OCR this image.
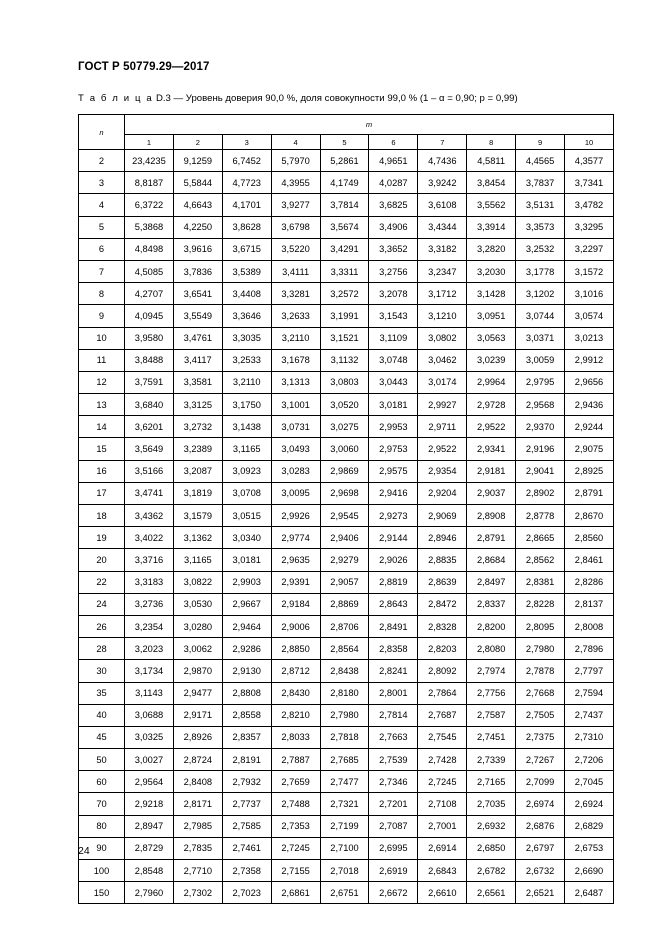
ГОСТ Р 50779.29—2017
Т а б л и ц а D.3 — Уровень доверия 90,0 %, доля совокупности 99,0 % (1 – α = 0,90; p = 0,99)
n	m									
	1	2	3	4	5	6	7	8	9	10
2	23,4235	9,1259	6,7452	5,7970	5,2861	4,9651	4,7436	4,5811	4,4565	4,3577
3	8,8187	5,5844	4,7723	4,3955	4,1749	4,0287	3,9242	3,8454	3,7837	3,7341
4	6,3722	4,6643	4,1701	3,9277	3,7814	3,6825	3,6108	3,5562	3,5131	3,4782
5	5,3868	4,2250	3,8628	3,6798	3,5674	3,4906	3,4344	3,3914	3,3573	3,3295
6	4,8498	3,9616	3,6715	3,5220	3,4291	3,3652	3,3182	3,2820	3,2532	3,2297
7	4,5085	3,7836	3,5389	3,4111	3,3311	3,2756	3,2347	3,2030	3,1778	3,1572
8	4,2707	3,6541	3,4408	3,3281	3,2572	3,2078	3,1712	3,1428	3,1202	3,1016
9	4,0945	3,5549	3,3646	3,2633	3,1991	3,1543	3,1210	3,0951	3,0744	3,0574
10	3,9580	3,4761	3,3035	3,2110	3,1521	3,1109	3,0802	3,0563	3,0371	3,0213
11	3,8488	3,4117	3,2533	3,1678	3,1132	3,0748	3,0462	3,0239	3,0059	2,9912
12	3,7591	3,3581	3,2110	3,1313	3,0803	3,0443	3,0174	2,9964	2,9795	2,9656
13	3,6840	3,3125	3,1750	3,1001	3,0520	3,0181	2,9927	2,9728	2,9568	2,9436
14	3,6201	3,2732	3,1438	3,0731	3,0275	2,9953	2,9711	2,9522	2,9370	2,9244
15	3,5649	3,2389	3,1165	3,0493	3,0060	2,9753	2,9522	2,9341	2,9196	2,9075
16	3,5166	3,2087	3,0923	3,0283	2,9869	2,9575	2,9354	2,9181	2,9041	2,8925
17	3,4741	3,1819	3,0708	3,0095	2,9698	2,9416	2,9204	2,9037	2,8902	2,8791
18	3,4362	3,1579	3,0515	2,9926	2,9545	2,9273	2,9069	2,8908	2,8778	2,8670
19	3,4022	3,1362	3,0340	2,9774	2,9406	2,9144	2,8946	2,8791	2,8665	2,8560
20	3,3716	3,1165	3,0181	2,9635	2,9279	2,9026	2,8835	2,8684	2,8562	2,8461
22	3,3183	3,0822	2,9903	2,9391	2,9057	2,8819	2,8639	2,8497	2,8381	2,8286
24	3,2736	3,0530	2,9667	2,9184	2,8869	2,8643	2,8472	2,8337	2,8228	2,8137
26	3,2354	3,0280	2,9464	2,9006	2,8706	2,8491	2,8328	2,8200	2,8095	2,8008
28	3,2023	3,0062	2,9286	2,8850	2,8564	2,8358	2,8203	2,8080	2,7980	2,7896
30	3,1734	2,9870	2,9130	2,8712	2,8438	2,8241	2,8092	2,7974	2,7878	2,7797
35	3,1143	2,9477	2,8808	2,8430	2,8180	2,8001	2,7864	2,7756	2,7668	2,7594
40	3,0688	2,9171	2,8558	2,8210	2,7980	2,7814	2,7687	2,7587	2,7505	2,7437
45	3,0325	2,8926	2,8357	2,8033	2,7818	2,7663	2,7545	2,7451	2,7375	2,7310
50	3,0027	2,8724	2,8191	2,7887	2,7685	2,7539	2,7428	2,7339	2,7267	2,7206
60	2,9564	2,8408	2,7932	2,7659	2,7477	2,7346	2,7245	2,7165	2,7099	2,7045
70	2,9218	2,8171	2,7737	2,7488	2,7321	2,7201	2,7108	2,7035	2,6974	2,6924
80	2,8947	2,7985	2,7585	2,7353	2,7199	2,7087	2,7001	2,6932	2,6876	2,6829
90	2,8729	2,7835	2,7461	2,7245	2,7100	2,6995	2,6914	2,6850	2,6797	2,6753
100	2,8548	2,7710	2,7358	2,7155	2,7018	2,6919	2,6843	2,6782	2,6732	2,6690
150	2,7960	2,7302	2,7023	2,6861	2,6751	2,6672	2,6610	2,6561	2,6521	2,6487
24
